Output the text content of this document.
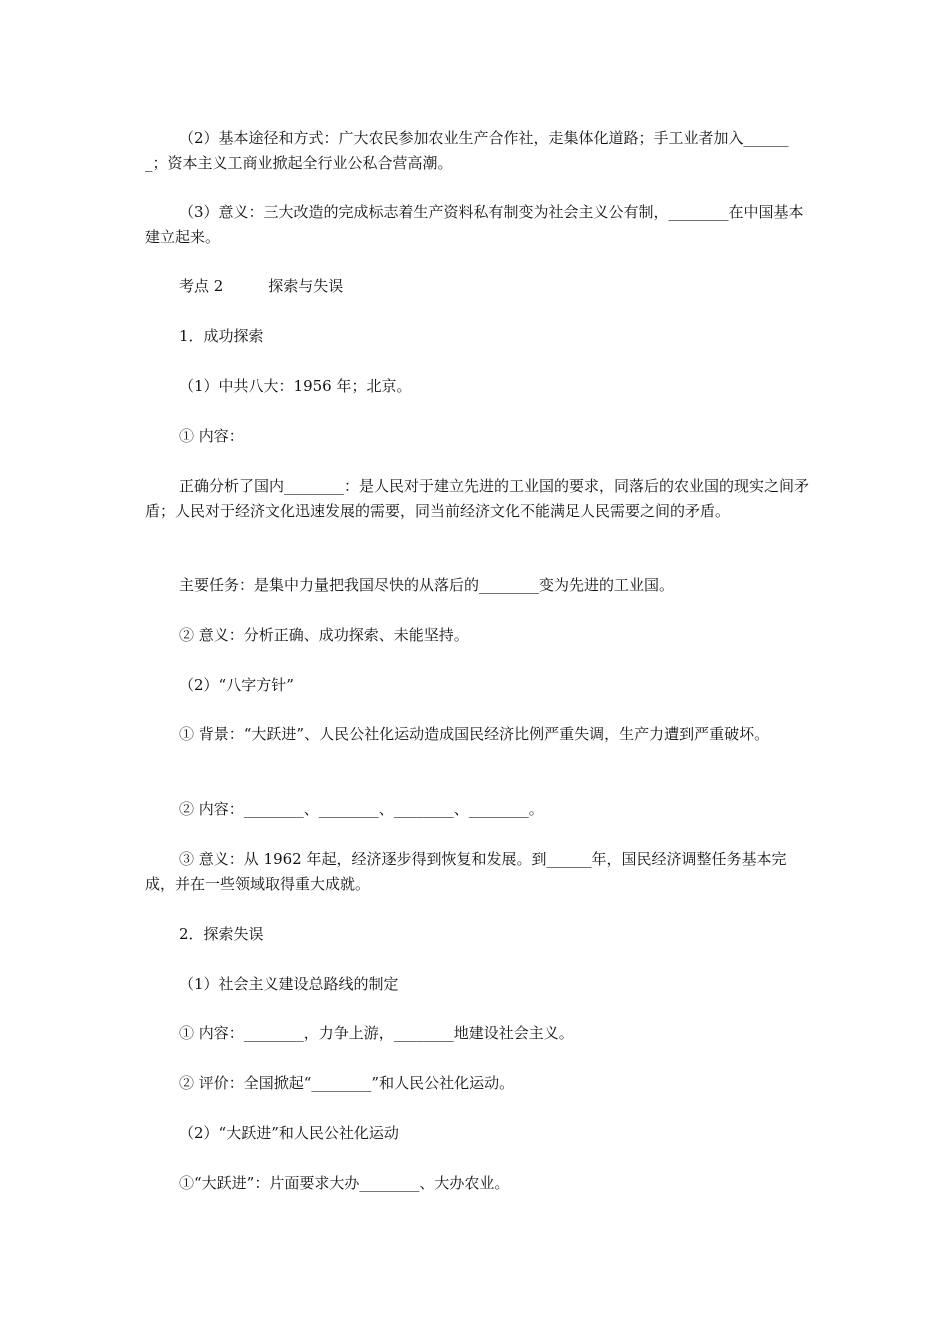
（2）基本途径和方式：广大农民参加农业生产合作社，走集体化道路；手工业者加入_______；资本主义工商业掀起全行业公私合营高潮。

（3）意义：三大改造的完成标志着生产资料私有制变为社会主义公有制，________在中国基本建立起来。

考点 2　　　探索与失误

1．成功探索

（1）中共八大：1956 年；北京。

① 内容：

正确分析了国内________：是人民对于建立先进的工业国的要求，同落后的农业国的现实之间矛盾；人民对于经济文化迅速发展的需要，同当前经济文化不能满足人民需要之间的矛盾。

主要任务：是集中力量把我国尽快的从落后的________变为先进的工业国。

② 意义：分析正确、成功探索、未能坚持。

（2）“八字方针”

① 背景：“大跃进”、人民公社化运动造成国民经济比例严重失调，生产力遭到严重破坏。

② 内容：________、________、________、________。

③ 意义：从 1962 年起，经济逐步得到恢复和发展。到______年，国民经济调整任务基本完成，并在一些领域取得重大成就。

2．探索失误

（1）社会主义建设总路线的制定

① 内容：________，力争上游，________地建设社会主义。

② 评价：全国掀起“________”和人民公社化运动。

（2）“大跃进”和人民公社化运动

①“大跃进”：片面要求大办________、大办农业。
